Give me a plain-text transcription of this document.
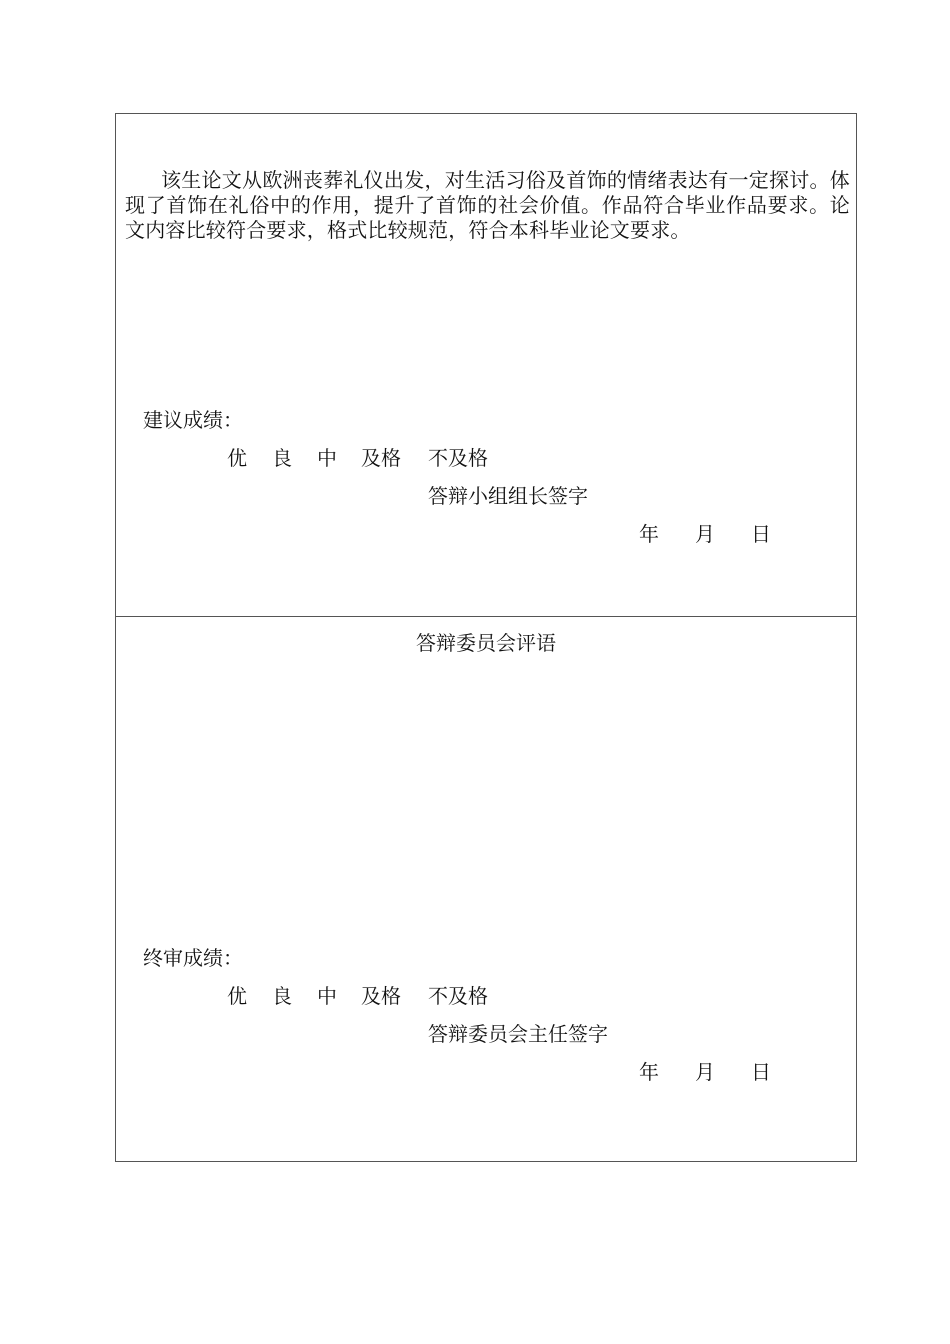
该生论文从欧洲丧葬礼仪出发，对生活习俗及首饰的情绪表达有一定探讨。体现了首饰在礼俗中的作用，提升了首饰的社会价值。作品符合毕业作品要求。论文内容比较符合要求，格式比较规范，符合本科毕业论文要求。
建议成绩：
优 良 中 及格 不及格
答辩小组组长签字
年 月 日
答辩委员会评语
终审成绩：
优 良 中 及格 不及格
答辩委员会主任签字
年 月 日
